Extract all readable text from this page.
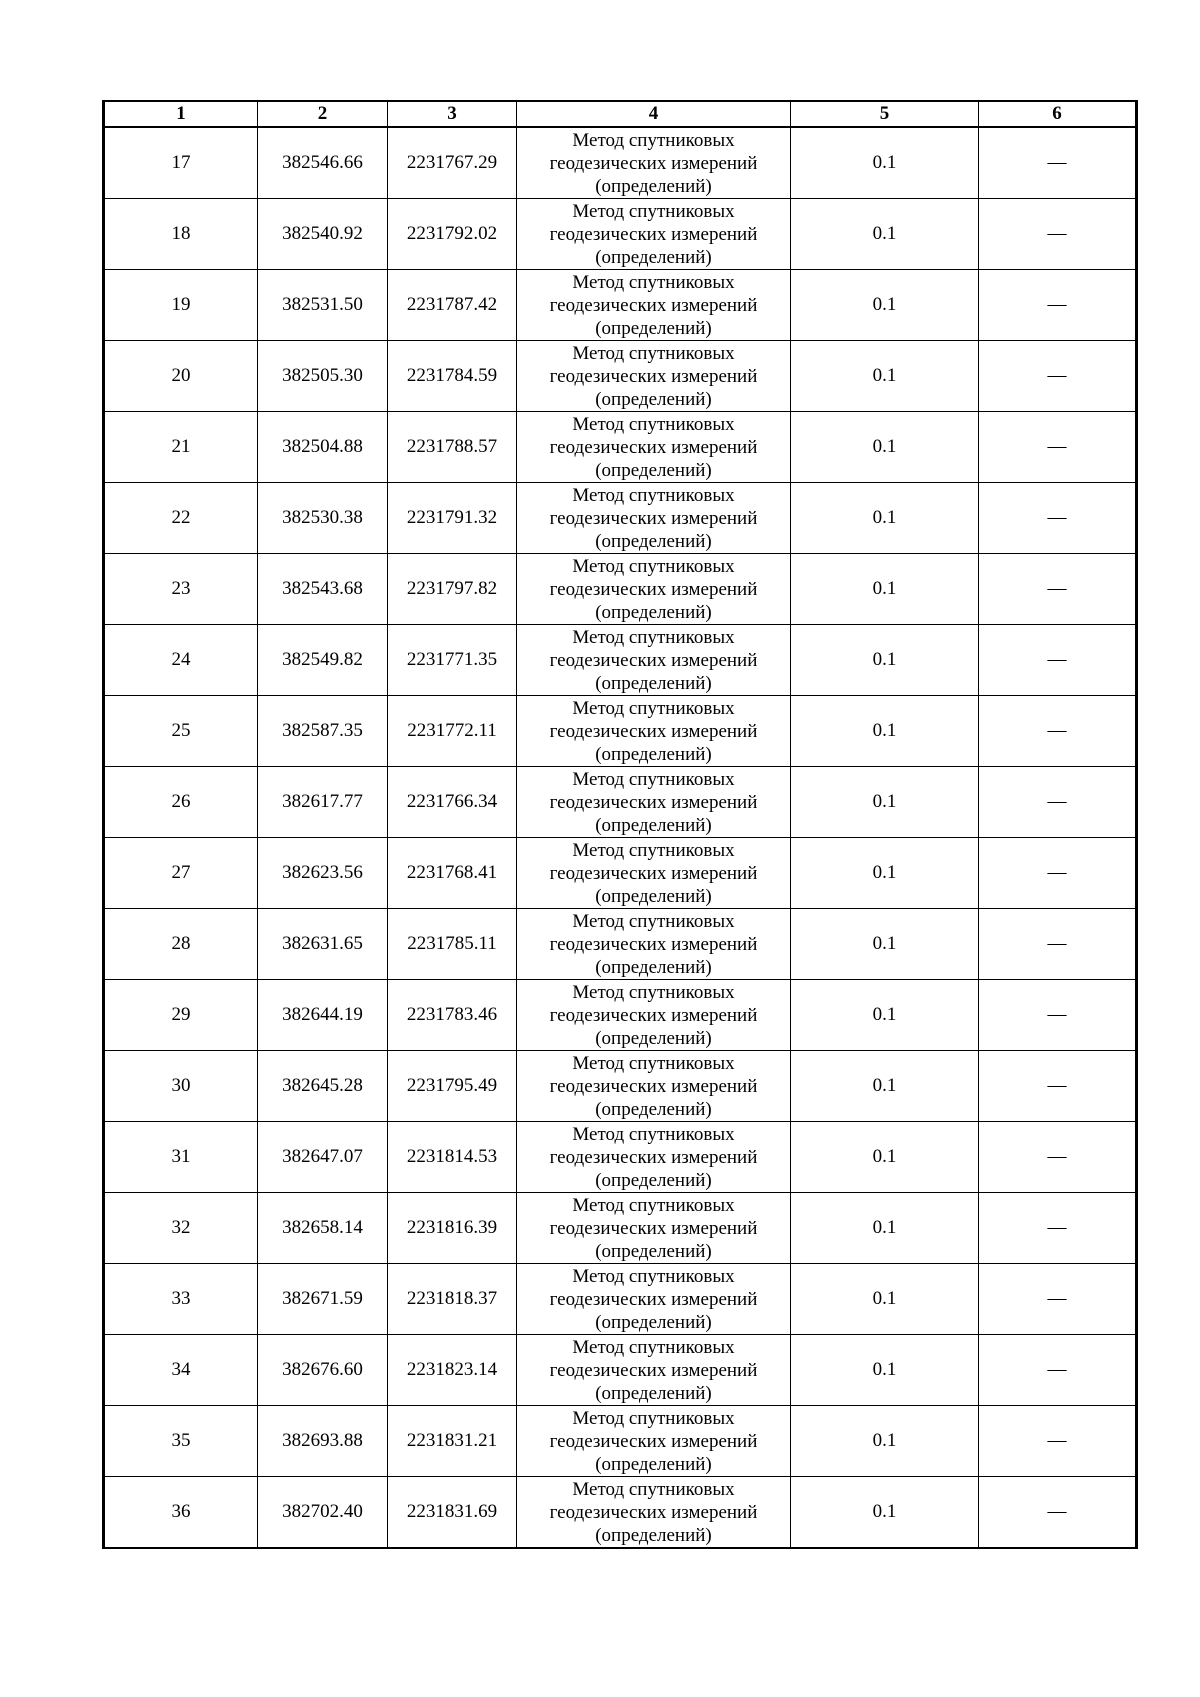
1	2	3	4	5	6
17	382546.66	2231767.29	Метод спутниковых
геодезических измерений
(определений)	0.1	—
18	382540.92	2231792.02	Метод спутниковых
геодезических измерений
(определений)	0.1	—
19	382531.50	2231787.42	Метод спутниковых
геодезических измерений
(определений)	0.1	—
20	382505.30	2231784.59	Метод спутниковых
геодезических измерений
(определений)	0.1	—
21	382504.88	2231788.57	Метод спутниковых
геодезических измерений
(определений)	0.1	—
22	382530.38	2231791.32	Метод спутниковых
геодезических измерений
(определений)	0.1	—
23	382543.68	2231797.82	Метод спутниковых
геодезических измерений
(определений)	0.1	—
24	382549.82	2231771.35	Метод спутниковых
геодезических измерений
(определений)	0.1	—
25	382587.35	2231772.11	Метод спутниковых
геодезических измерений
(определений)	0.1	—
26	382617.77	2231766.34	Метод спутниковых
геодезических измерений
(определений)	0.1	—
27	382623.56	2231768.41	Метод спутниковых
геодезических измерений
(определений)	0.1	—
28	382631.65	2231785.11	Метод спутниковых
геодезических измерений
(определений)	0.1	—
29	382644.19	2231783.46	Метод спутниковых
геодезических измерений
(определений)	0.1	—
30	382645.28	2231795.49	Метод спутниковых
геодезических измерений
(определений)	0.1	—
31	382647.07	2231814.53	Метод спутниковых
геодезических измерений
(определений)	0.1	—
32	382658.14	2231816.39	Метод спутниковых
геодезических измерений
(определений)	0.1	—
33	382671.59	2231818.37	Метод спутниковых
геодезических измерений
(определений)	0.1	—
34	382676.60	2231823.14	Метод спутниковых
геодезических измерений
(определений)	0.1	—
35	382693.88	2231831.21	Метод спутниковых
геодезических измерений
(определений)	0.1	—
36	382702.40	2231831.69	Метод спутниковых
геодезических измерений
(определений)	0.1	—
